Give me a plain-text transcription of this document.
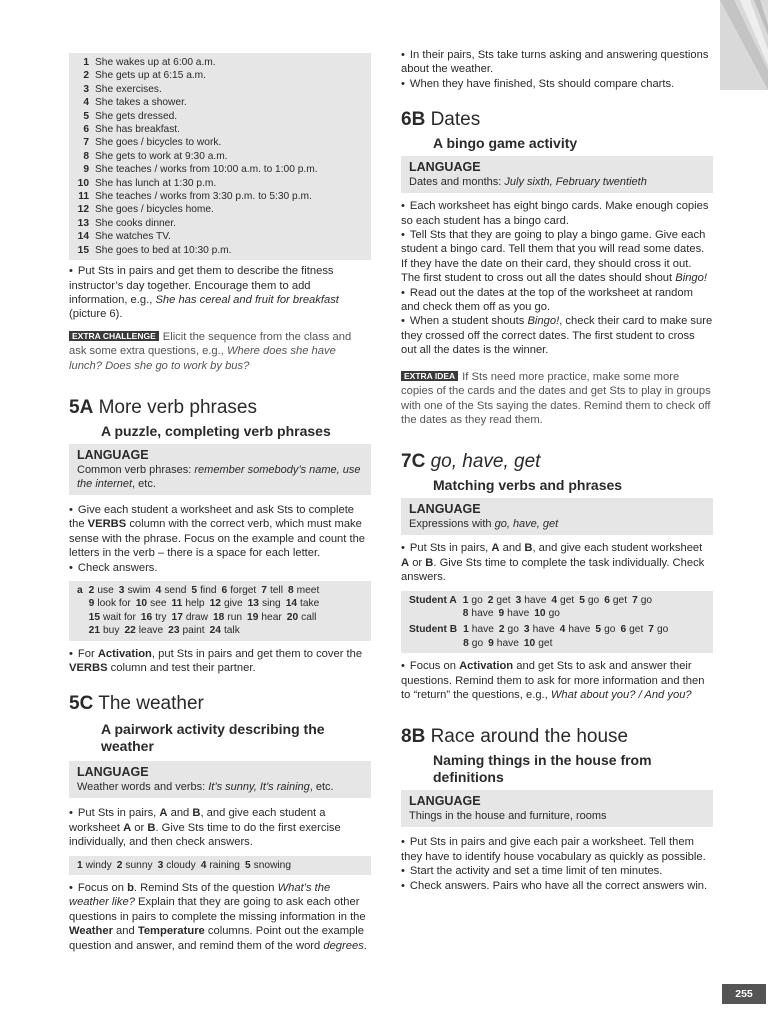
1 She wakes up at 6:00 a.m.
2 She gets up at 6:15 a.m.
3 She exercises.
4 She takes a shower.
5 She gets dressed.
6 She has breakfast.
7 She goes / bicycles to work.
8 She gets to work at 9:30 a.m.
9 She teaches / works from 10:00 a.m. to 1:00 p.m.
10 She has lunch at 1:30 p.m.
11 She teaches / works from 3:30 p.m. to 5:30 p.m.
12 She goes / bicycles home.
13 She cooks dinner.
14 She watches TV.
15 She goes to bed at 10:30 p.m.

• Put Sts in pairs and get them to describe the fitness instructor’s day together. Encourage them to add information, e.g., She has cereal and fruit for breakfast (picture 6).

EXTRA CHALLENGE Elicit the sequence from the class and ask some extra questions, e.g., Where does she have lunch? Does she go to work by bus?

5A More verb phrases
A puzzle, completing verb phrases
LANGUAGE
Common verb phrases: remember somebody’s name, use the internet, etc.

• Give each student a worksheet and ask Sts to complete the VERBS column with the correct verb, which must make sense with the phrase. Focus on the example and count the letters in the verb – there is a space for each letter.

• Check answers.

a 2 use 3 swim 4 send 5 find 6 forget 7 tell 8 meet
9 look for 10 see 11 help 12 give 13 sing 14 take
15 wait for 16 try 17 draw 18 run 19 hear 20 call
21 buy 22 leave 23 paint 24 talk

• For Activation, put Sts in pairs and get them to cover the VERBS column and test their partner.

5C The weather
A pairwork activity describing the weather
LANGUAGE
Weather words and verbs: It’s sunny, It’s raining, etc.

• Put Sts in pairs, A and B, and give each student a worksheet A or B. Give Sts time to do the first exercise individually, and then check answers.

1 windy 2 sunny 3 cloudy 4 raining 5 snowing

• Focus on b. Remind Sts of the question What’s the weather like? Explain that they are going to ask each other questions in pairs to complete the missing information in the Weather and Temperature columns. Point out the example question and answer, and remind them of the word degrees.

• In their pairs, Sts take turns asking and answering questions about the weather.

• When they have finished, Sts should compare charts.

6B Dates
A bingo game activity
LANGUAGE
Dates and months: July sixth, February twentieth

• Each worksheet has eight bingo cards. Make enough copies so each student has a bingo card.

• Tell Sts that they are going to play a bingo game. Give each student a bingo card. Tell them that you will read some dates. If they have the date on their card, they should cross it out. The first student to cross out all the dates should shout Bingo!

• Read out the dates at the top of the worksheet at random and check them off as you go.

• When a student shouts Bingo!, check their card to make sure they crossed off the correct dates. The first student to cross out all the dates is the winner.

EXTRA IDEA If Sts need more practice, make some more copies of the cards and the dates and get Sts to play in groups with one of the Sts saying the dates. Remind them to check off the dates as they read them.

7C go, have, get
Matching verbs and phrases
LANGUAGE
Expressions with go, have, get

• Put Sts in pairs, A and B, and give each student worksheet A or B. Give Sts time to complete the task individually. Check answers.

Student A 1 go 2 get 3 have 4 get 5 go 6 get 7 go
8 have 9 have 10 go
Student B 1 have 2 go 3 have 4 have 5 go 6 get 7 go
8 go 9 have 10 get

• Focus on Activation and get Sts to ask and answer their questions. Remind them to ask for more information and then to “return” the questions, e.g., What about you? / And you?

8B Race around the house
Naming things in the house from definitions
LANGUAGE
Things in the house and furniture, rooms

• Put Sts in pairs and give each pair a worksheet. Tell them they have to identify house vocabulary as quickly as possible.

• Start the activity and set a time limit of ten minutes.

• Check answers. Pairs who have all the correct answers win.

255
